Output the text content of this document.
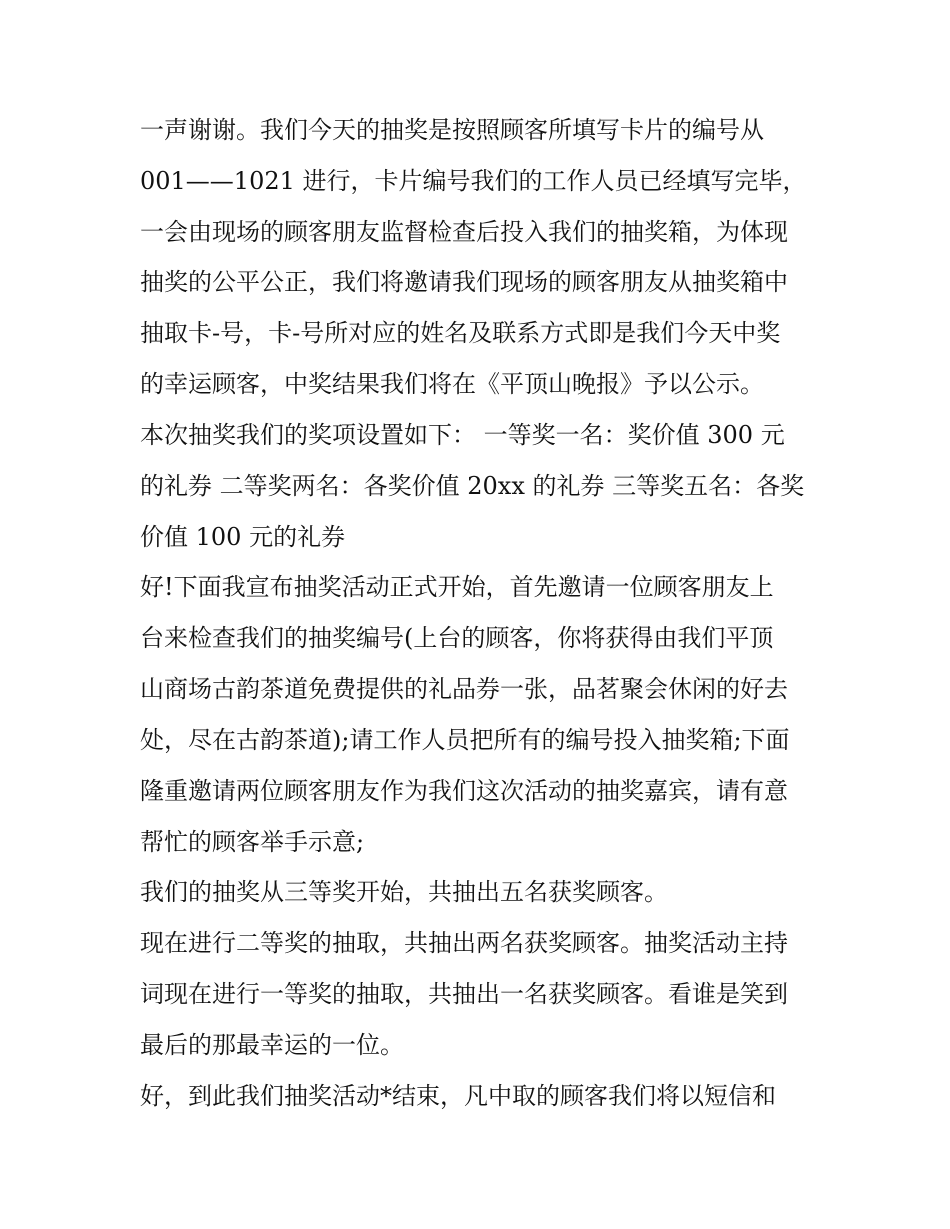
一声谢谢。我们今天的抽奖是按照顾客所填写卡片的编号从

001——1021 进行，卡片编号我们的工作人员已经填写完毕，

一会由现场的顾客朋友监督检查后投入我们的抽奖箱，为体现

抽奖的公平公正，我们将邀请我们现场的顾客朋友从抽奖箱中

抽取卡-号，卡-号所对应的姓名及联系方式即是我们今天中奖

的幸运顾客，中奖结果我们将在《平顶山晚报》予以公示。

本次抽奖我们的奖项设置如下： 一等奖一名：奖价值 300 元

的礼券 二等奖两名：各奖价值 20xx 的礼券 三等奖五名：各奖

价值 100 元的礼券

好!下面我宣布抽奖活动正式开始，首先邀请一位顾客朋友上

台来检查我们的抽奖编号(上台的顾客，你将获得由我们平顶

山商场古韵茶道免费提供的礼品券一张，品茗聚会休闲的好去

处，尽在古韵茶道);请工作人员把所有的编号投入抽奖箱;下面

隆重邀请两位顾客朋友作为我们这次活动的抽奖嘉宾，请有意

帮忙的顾客举手示意;

我们的抽奖从三等奖开始，共抽出五名获奖顾客。

现在进行二等奖的抽取，共抽出两名获奖顾客。抽奖活动主持

词现在进行一等奖的抽取，共抽出一名获奖顾客。看谁是笑到

最后的那最幸运的一位。

好，到此我们抽奖活动*结束，凡中取的顾客我们将以短信和
